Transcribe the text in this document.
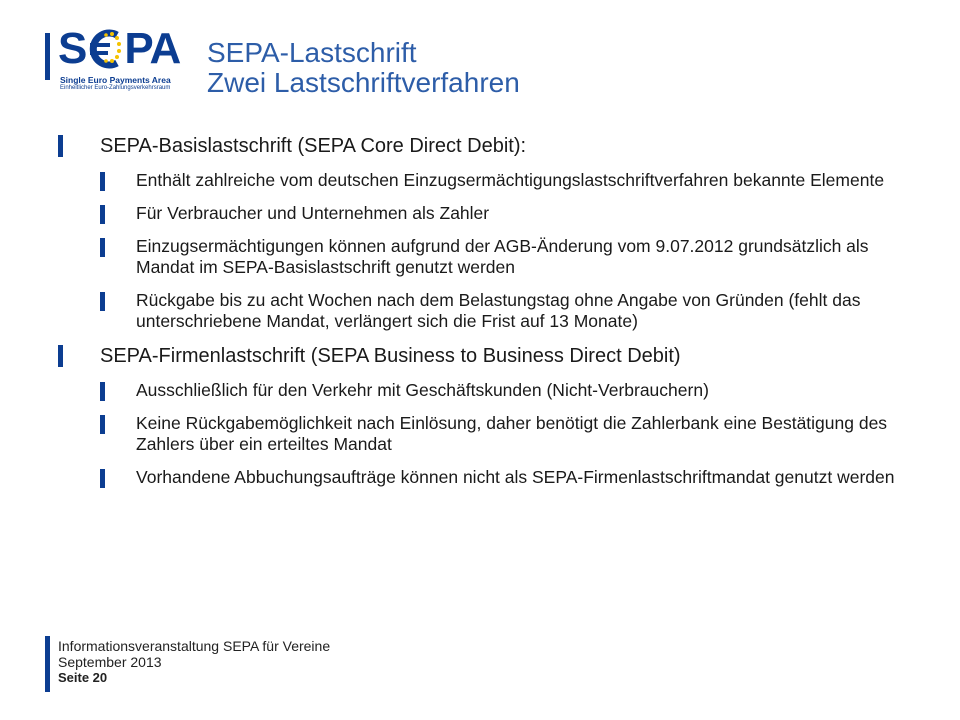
S PA
Single Euro Payments Area
Einheitlicher Euro-Zahlungsverkehrsraum
SEPA-Lastschrift
Zwei Lastschriftverfahren
SEPA-Basislastschrift (SEPA Core Direct Debit):
Enthält zahlreiche vom deutschen Einzugsermächtigungslastschriftverfahren bekannte Elemente
Für Verbraucher und Unternehmen als Zahler
Einzugsermächtigungen können aufgrund der AGB-Änderung vom 9.07.2012 grundsätzlich als Mandat im SEPA-Basislastschrift genutzt werden
Rückgabe bis zu acht Wochen nach dem Belastungstag ohne Angabe von Gründen (fehlt das unterschriebene Mandat, verlängert sich die Frist auf 13 Monate)
SEPA-Firmenlastschrift (SEPA Business to Business Direct Debit)
Ausschließlich für den Verkehr mit Geschäftskunden (Nicht-Verbrauchern)
Keine Rückgabemöglichkeit nach Einlösung, daher benötigt die Zahlerbank eine Bestätigung des Zahlers über ein erteiltes Mandat
Vorhandene Abbuchungsaufträge können nicht als SEPA-Firmenlastschriftmandat genutzt werden
Informationsveranstaltung SEPA für Vereine
September 2013
Seite 20
